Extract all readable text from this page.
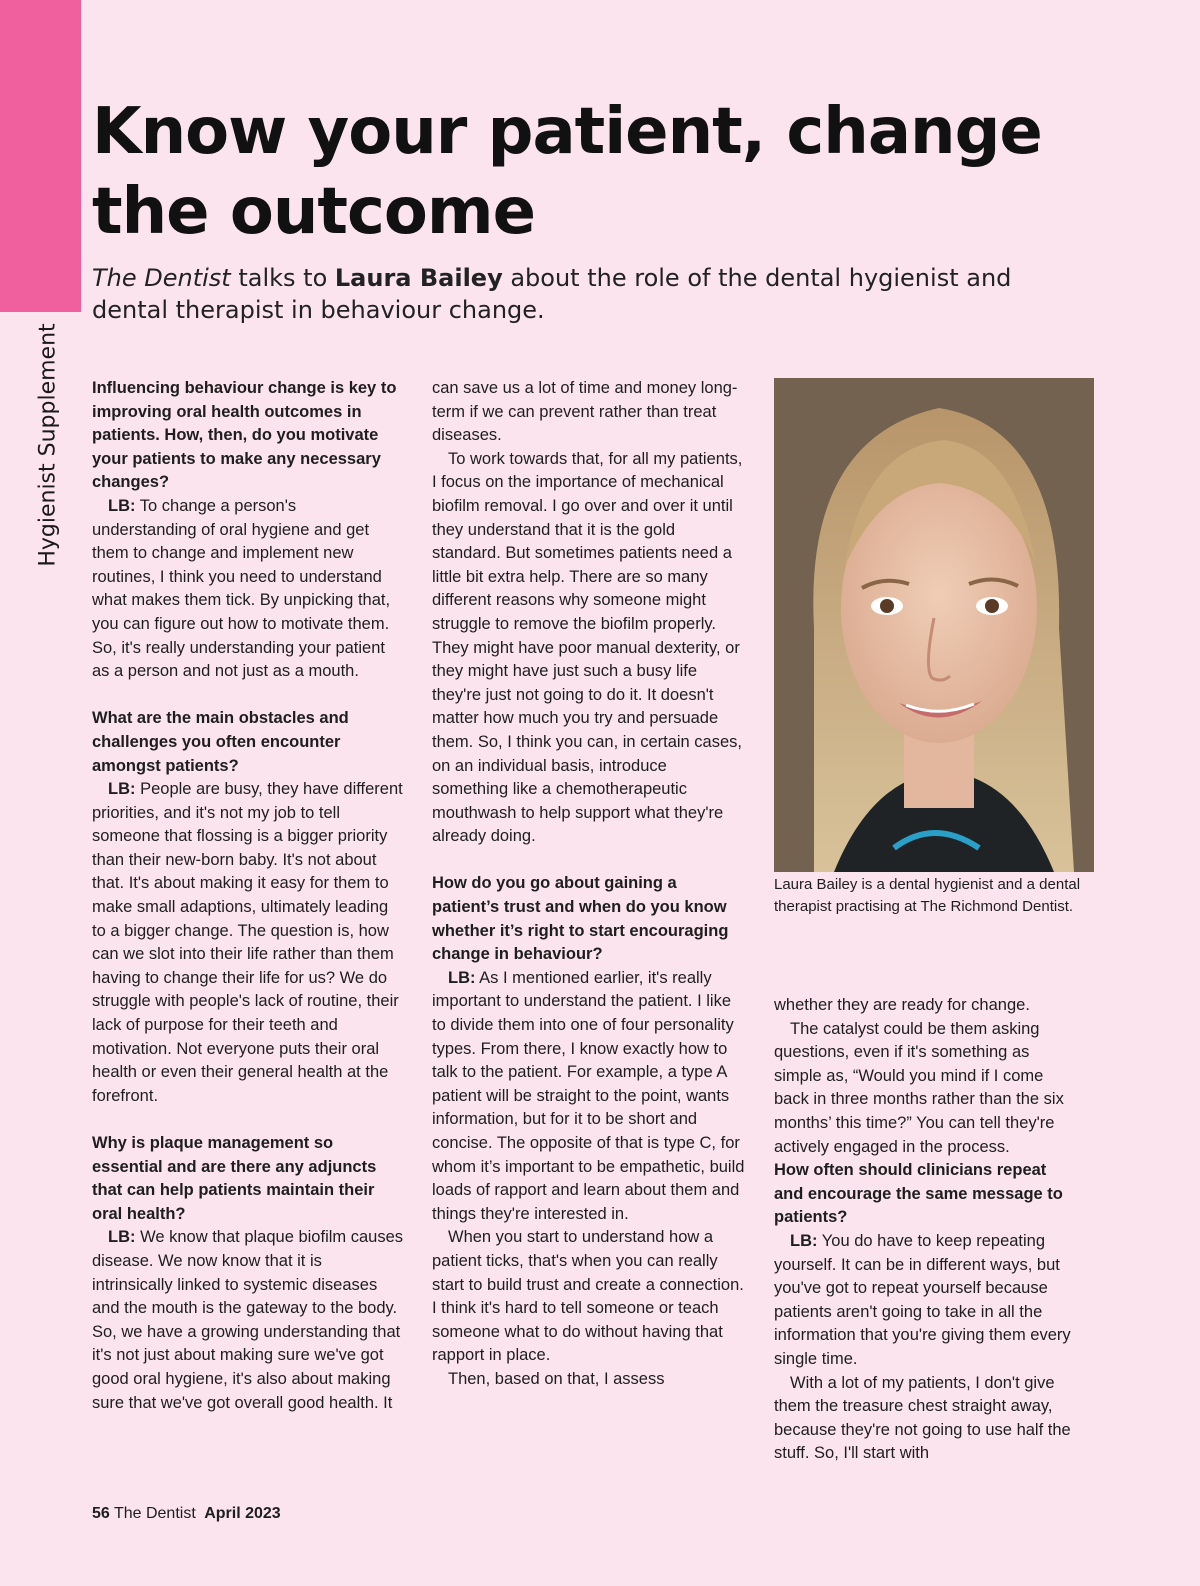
Hygienist Supplement
Know your patient, change the outcome
The Dentist talks to Laura Bailey about the role of the dental hygienist and dental therapist in behaviour change.

Influencing behaviour change is key to improving oral health outcomes in patients. How, then, do you motivate your patients to make any necessary changes?

LB: To change a person's understanding of oral hygiene and get them to change and implement new routines, I think you need to understand what makes them tick. By unpicking that, you can figure out how to motivate them. So, it's really understanding your patient as a person and not just as a mouth.

What are the main obstacles and challenges you often encounter amongst patients?

LB: People are busy, they have different priorities, and it's not my job to tell someone that flossing is a bigger priority than their new-born baby. It's not about that. It's about making it easy for them to make small adaptions, ultimately leading to a bigger change. The question is, how can we slot into their life rather than them having to change their life for us? We do struggle with people's lack of routine, their lack of purpose for their teeth and motivation. Not everyone puts their oral health or even their general health at the forefront.

Why is plaque management so essential and are there any adjuncts that can help patients maintain their oral health?

LB: We know that plaque biofilm causes disease. We now know that it is intrinsically linked to systemic diseases and the mouth is the gateway to the body. So, we have a growing understanding that it's not just about making sure we've got good oral hygiene, it's also about making sure that we've got overall good health. It

can save us a lot of time and money long-term if we can prevent rather than treat diseases.

To work towards that, for all my patients, I focus on the importance of mechanical biofilm removal. I go over and over it until they understand that it is the gold standard. But sometimes patients need a little bit extra help. There are so many different reasons why someone might struggle to remove the biofilm properly. They might have poor manual dexterity, or they might have just such a busy life they're just not going to do it. It doesn't matter how much you try and persuade them. So, I think you can, in certain cases, on an individual basis, introduce something like a chemotherapeutic mouthwash to help support what they're already doing.

How do you go about gaining a patient’s trust and when do you know whether it’s right to start encouraging change in behaviour?

LB: As I mentioned earlier, it's really important to understand the patient. I like to divide them into one of four personality types. From there, I know exactly how to talk to the patient. For example, a type A patient will be straight to the point, wants information, but for it to be short and concise. The opposite of that is type C, for whom it’s important to be empathetic, build loads of rapport and learn about them and things they're interested in.

When you start to understand how a patient ticks, that's when you can really start to build trust and create a connection. I think it's hard to tell someone or teach someone what to do without having that rapport in place.

Then, based on that, I assess

Laura Bailey is a dental hygienist and a dental therapist practising at The Richmond Dentist.

whether they are ready for change.

The catalyst could be them asking questions, even if it's something as simple as, “Would you mind if I come back in three months rather than the six months’ this time?” You can tell they're actively engaged in the process.

How often should clinicians repeat and encourage the same message to patients?

LB: You do have to keep repeating yourself. It can be in different ways, but you've got to repeat yourself because patients aren't going to take in all the information that you're giving them every single time.

With a lot of my patients, I don't give them the treasure chest straight away, because they're not going to use half the stuff. So, I'll start with

56 The Dentist April 2023
